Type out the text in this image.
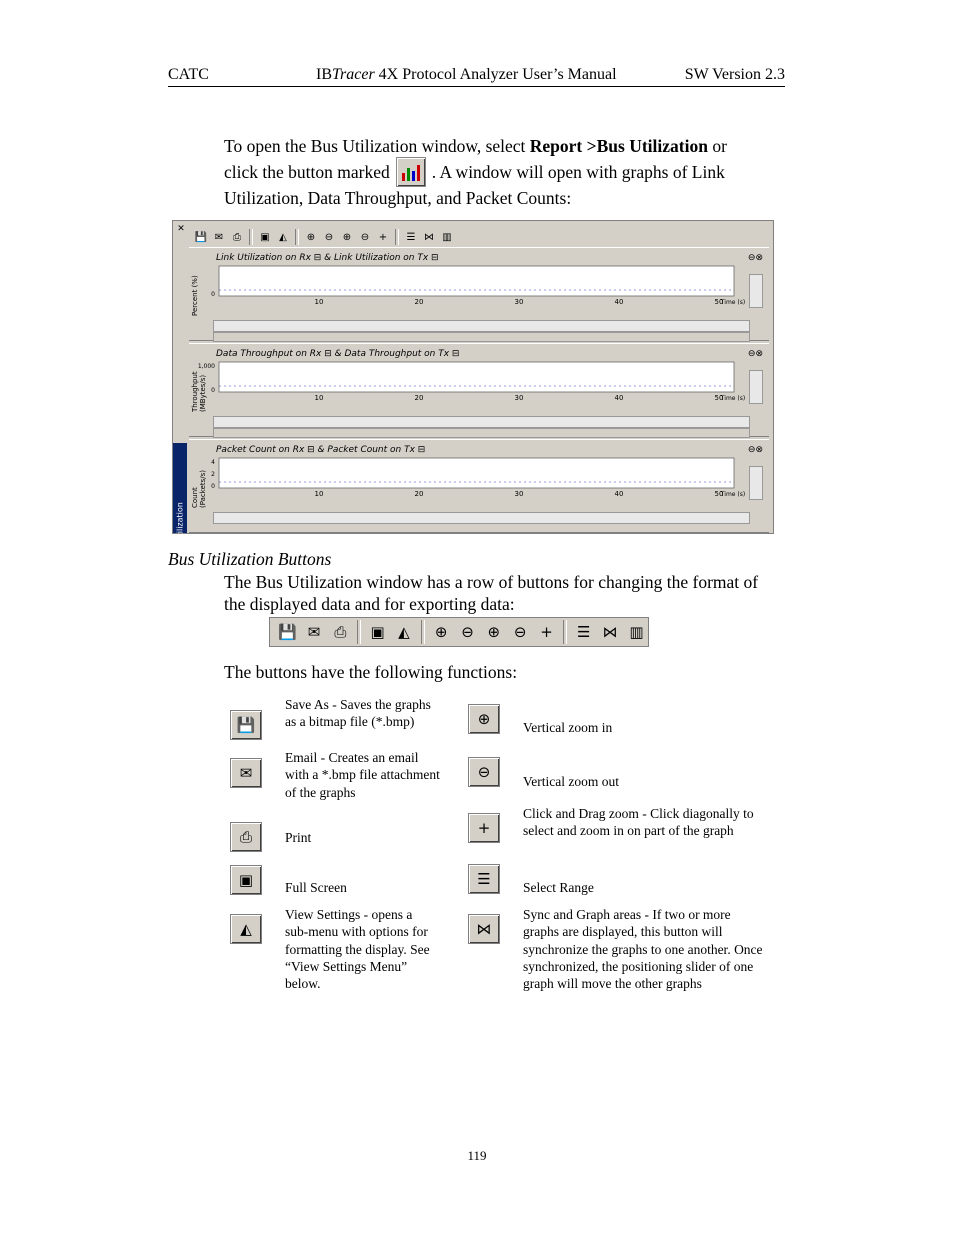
CATC	IBTracer 4X Protocol Analyzer User’s Manual	SW Version 2.3
To open the Bus Utilization window, select Report >Bus Utilization or
click the button marked . A window will open with graphs of Link
Utilization, Data Throughput, and Packet Counts:
✕
Bus Utilization
💾 ✉ ⎙	▣ ◭	⊕ ⊖ ⊕ ⊖ +	☰ ⋈ ▥
Link Utilization on Rx ⊟ & Link Utilization on Tx ⊟	⊖⊗
Percent (%)	0
10	20	30	40	50
Time (s)
Data Throughput on Rx ⊟ & Data Throughput on Tx ⊟	⊖⊗
Throughput (MBytes/s) 0
1,000
10	20	30	40	50
Time (s)
Packet Count on Rx ⊟ & Packet Count on Tx ⊟	⊖⊗
Count (Packets/s) 0
4
2
10	20	30	40	50
Time (s)
Bus Utilization Buttons
The Bus Utilization window has a row of buttons for changing the format of
the displayed data and for exporting data:
💾 ✉ ⎙	▣ ◭	⊕ ⊖ ⊕ ⊖ +	☰ ⋈ ▥
The buttons have the following functions:
💾
Save As - Saves the graphs
as a bitmap file (*.bmp)
✉
Email - Creates an email
with a *.bmp file attachment
of the graphs
⎙	Print
▣	Full Screen
◭
View Settings - opens a
sub-menu with options for
formatting the display. See
“View Settings Menu”
below.
⊕	Vertical zoom in
⊖
Vertical zoom out
+
Click and Drag zoom - Click diagonally to
select and zoom in on part of the graph
☰	Select Range
⋈
Sync and Graph areas - If two or more
graphs are displayed, this button will
synchronize the graphs to one another. Once
synchronized, the positioning slider of one
graph will move the other graphs
119
